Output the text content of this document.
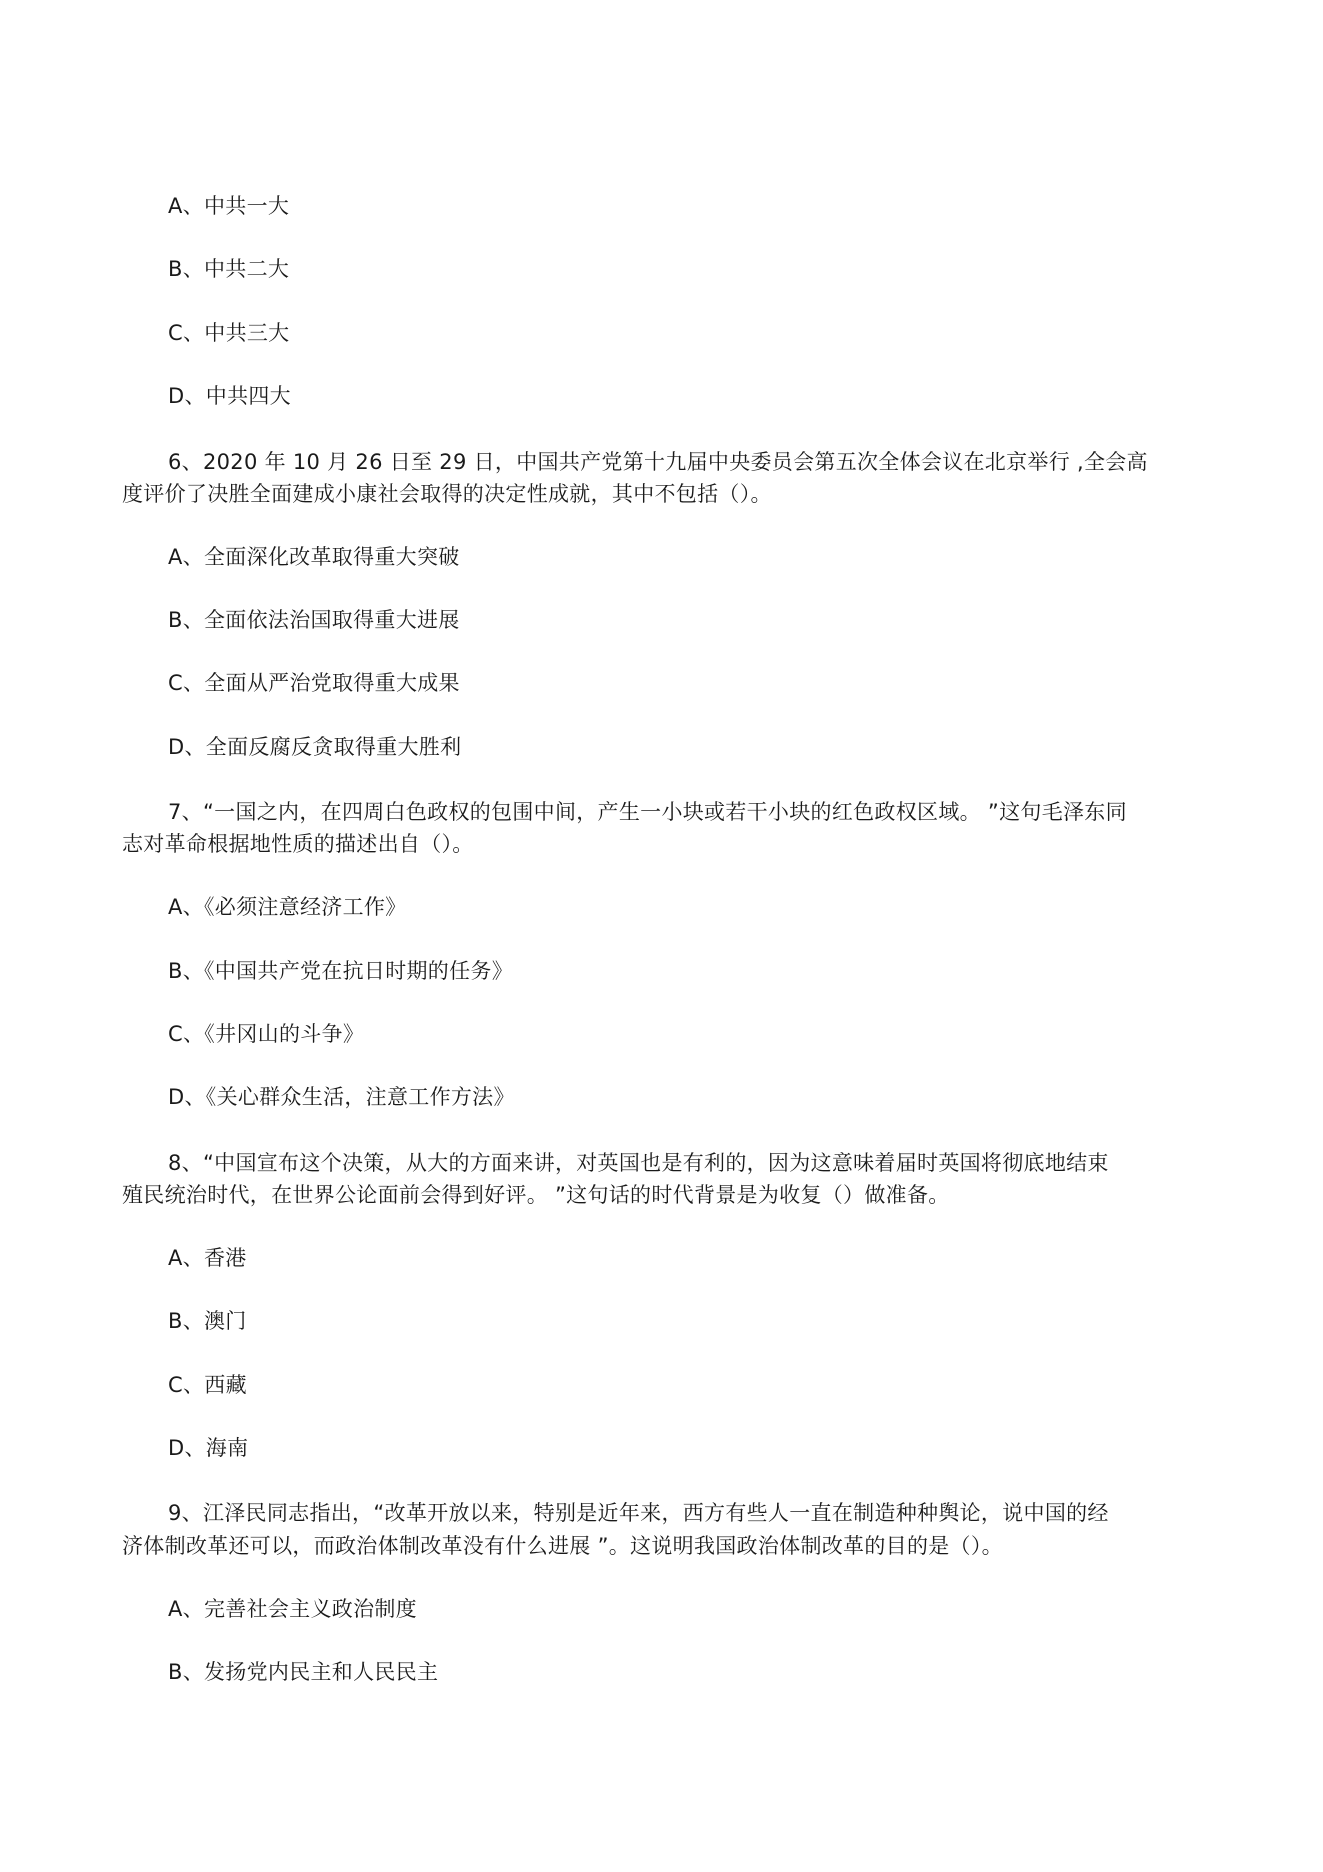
A、中共一大
B、中共二大
C、中共三大
D、中共四大
6、2020 年 10 月 26 日至 29 日，中国共产党第十九届中央委员会第五次全体会议在北京举行 ,全会高
度评价了决胜全面建成小康社会取得的决定性成就，其中不包括（）。
A、全面深化改革取得重大突破
B、全面依法治国取得重大进展
C、全面从严治党取得重大成果
D、全面反腐反贪取得重大胜利
7、“一国之内，在四周白色政权的包围中间，产生一小块或若干小块的红色政权区域。 ”这句毛泽东同
志对革命根据地性质的描述出自（）。
A、《必须注意经济工作》
B、《中国共产党在抗日时期的任务》
C、《井冈山的斗争》
D、《关心群众生活，注意工作方法》
8、“中国宣布这个决策，从大的方面来讲，对英国也是有利的，因为这意味着届时英国将彻底地结束
殖民统治时代，在世界公论面前会得到好评。 ”这句话的时代背景是为收复（）做准备。
A、香港
B、澳门
C、西藏
D、海南
9、江泽民同志指出，“改革开放以来，特别是近年来，西方有些人一直在制造种种舆论，说中国的经
济体制改革还可以，而政治体制改革没有什么进展 ”。这说明我国政治体制改革的目的是（）。
A、完善社会主义政治制度
B、发扬党内民主和人民民主
